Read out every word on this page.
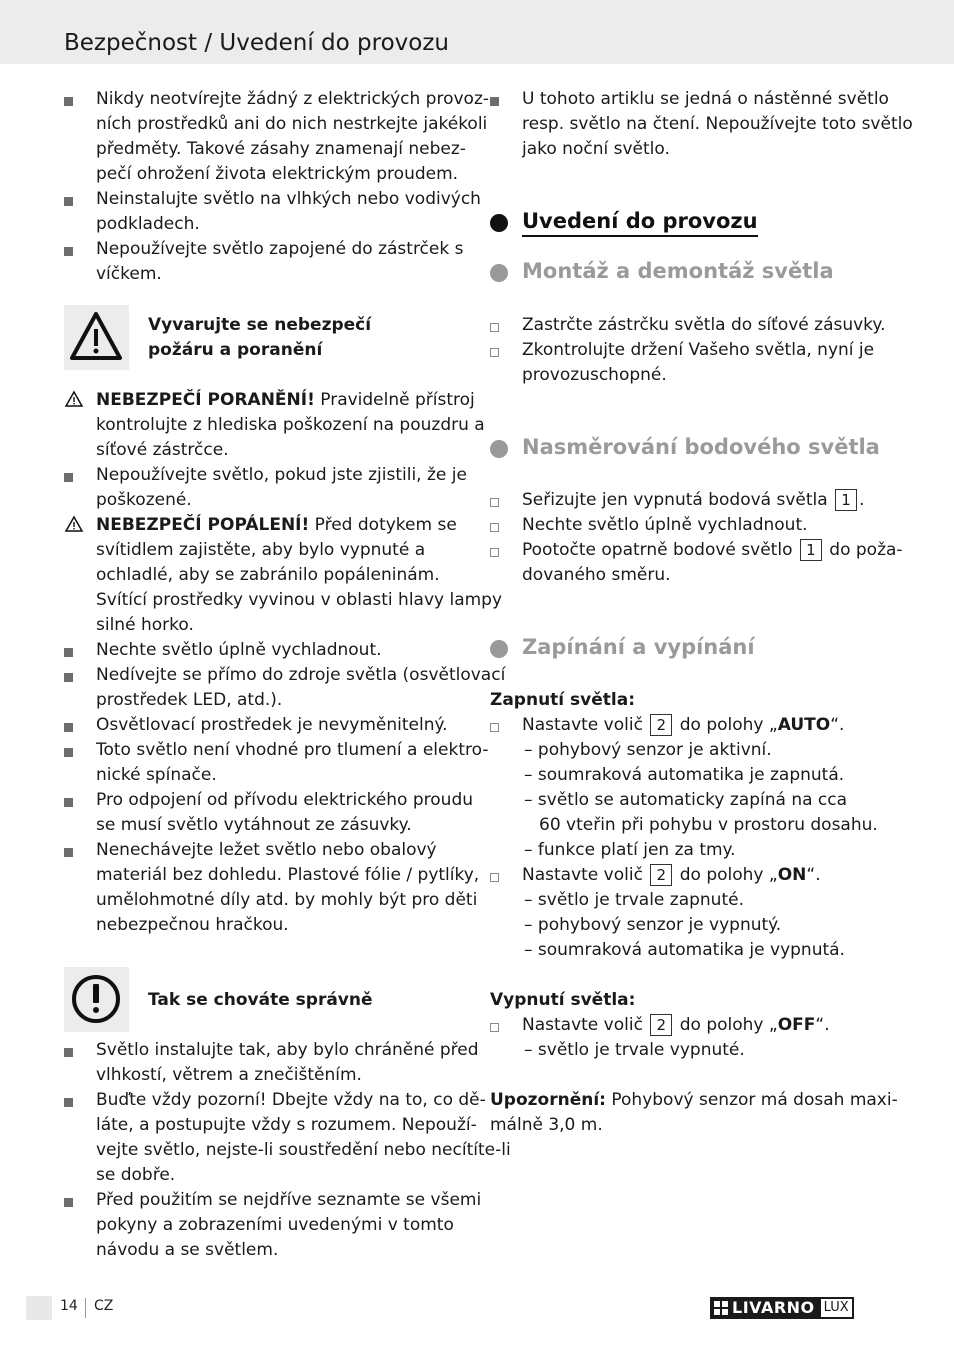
Bezpečnost / Uvedení do provozu
Nikdy neotvírejte žádný z elektrických provoz-
ních prostředků ani do nich nestrkejte jakékoli
předměty. Takové zásahy znamenají nebez-
pečí ohrožení života elektrickým proudem.
Neinstalujte světlo na vlhkých nebo vodivých
podkladech.
Nepoužívejte světlo zapojené do zástrček s
víčkem.
Vyvarujte se nebezpečí
požáru a poranění
NEBEZPEČÍ PORANĚNÍ! Pravidelně přístroj
kontrolujte z hlediska poškození na pouzdru a
síťové zástrčce.
Nepoužívejte světlo, pokud jste zjistili, že je
poškozené.
NEBEZPEČÍ POPÁLENÍ! Před dotykem se
svítidlem zajistěte, aby bylo vypnuté a
ochladlé, aby se zabránilo popáleninám.
Svítící prostředky vyvinou v oblasti hlavy lampy
silné horko.
Nechte světlo úplně vychladnout.
Nedívejte se přímo do zdroje světla (osvětlovací
prostředek LED, atd.).
Osvětlovací prostředek je nevyměnitelný.
Toto světlo není vhodné pro tlumení a elektro-
nické spínače.
Pro odpojení od přívodu elektrického proudu
se musí světlo vytáhnout ze zásuvky.
Nenechávejte ležet světlo nebo obalový
materiál bez dohledu. Plastové fólie / pytlíky,
umělohmotné díly atd. by mohly být pro děti
nebezpečnou hračkou.
Tak se chováte správně
Světlo instalujte tak, aby bylo chráněné před
vlhkostí, větrem a znečištěním.
Buďte vždy pozorní! Dbejte vždy na to, co dě-
láte, a postupujte vždy s rozumem. Nepouží-
vejte světlo, nejste-li soustředění nebo necítíte-li
se dobře.
Před použitím se nejdříve seznamte se všemi
pokyny a zobrazeními uvedenými v tomto
návodu a se světlem.
U tohoto artiklu se jedná o nástěnné světlo
resp. světlo na čtení. Nepoužívejte toto světlo
jako noční světlo.
Uvedení do provozu
Montáž a demontáž světla
Zastrčte zástrčku světla do síťové zásuvky.
Zkontrolujte držení Vašeho světla, nyní je
provozuschopné.
Nasměrování bodového světla
Seřizujte jen vypnutá bodová světla 1 .
Nechte světlo úplně vychladnout.
Pootočte opatrně bodové světlo 1 do poža-
dovaného směru.
Zapínání a vypínání
Zapnutí světla:
Nastavte volič 2 do polohy „AUTO“.
– pohybový senzor je aktivní.
– soumraková automatika je zapnutá.
– světlo se automaticky zapíná na cca
60 vteřin při pohybu v prostoru dosahu.
– funkce platí jen za tmy.
Nastavte volič 2 do polohy „ON“.
– světlo je trvale zapnuté.
– pohybový senzor je vypnutý.
– soumraková automatika je vypnutá.
Vypnutí světla:
Nastavte volič 2 do polohy „OFF“.
– světlo je trvale vypnuté.
Upozornění: Pohybový senzor má dosah maxi-
málně 3,0 m.
14 CZ	LIVARNO LUX
